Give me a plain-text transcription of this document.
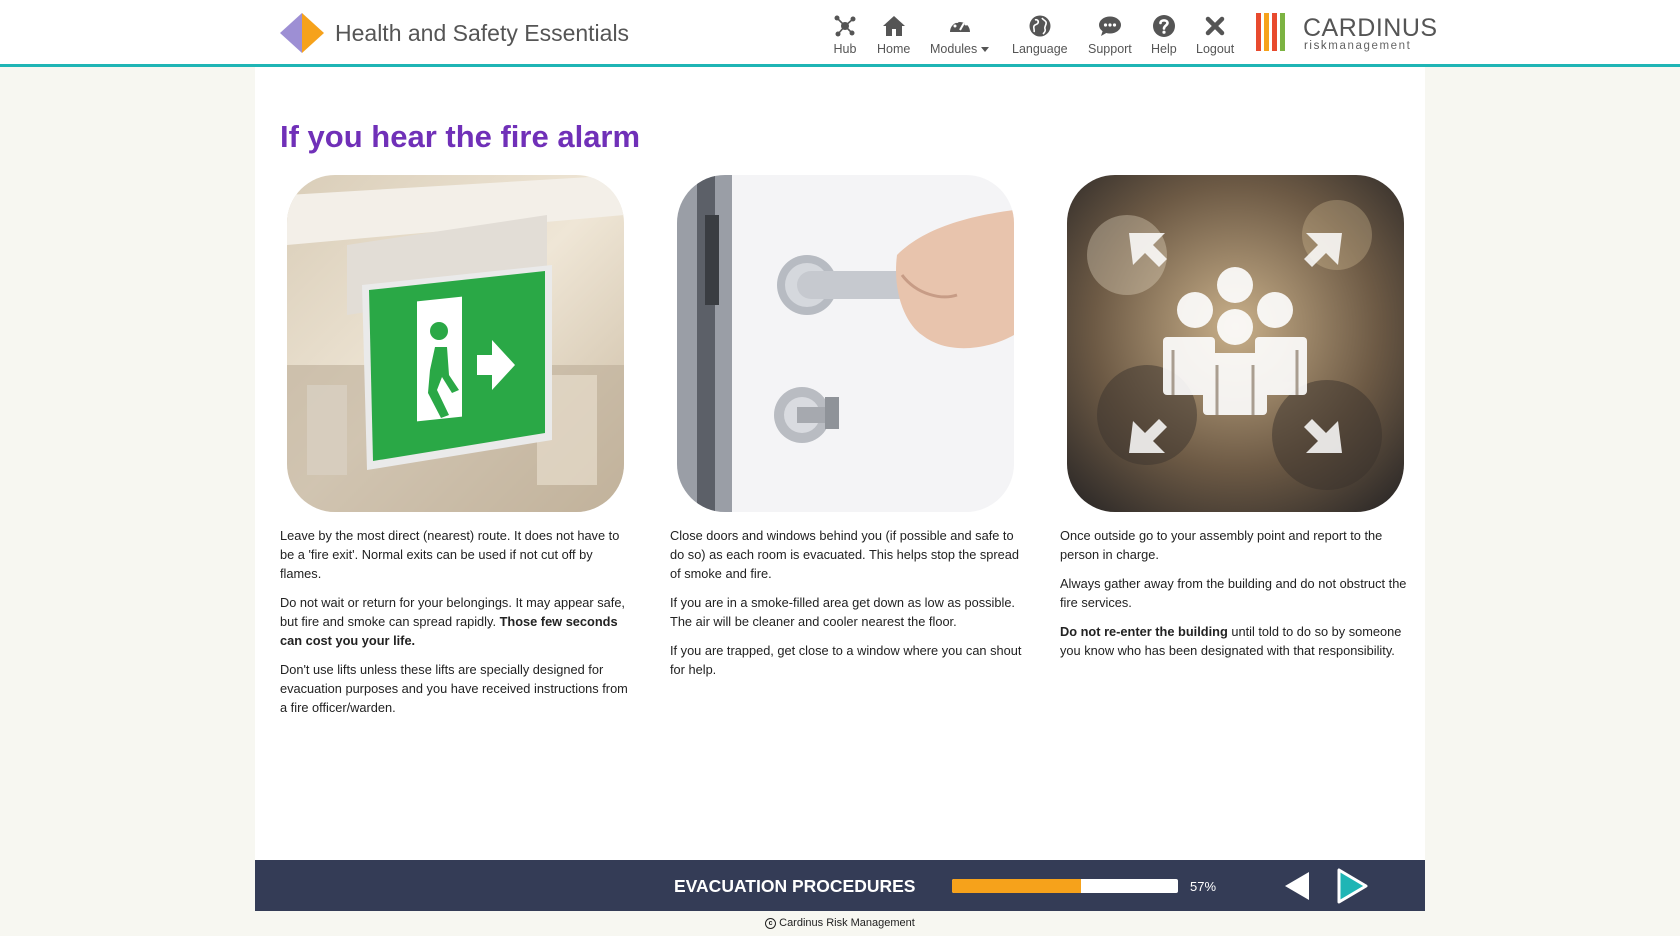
Health and Safety Essentials
Hub Home Modules	Language Support Help Logout
CARDINUS
riskmanagement
If you hear the fire alarm

Leave by the most direct (nearest) route. It does not have to be a 'fire exit'. Normal exits can be used if not cut off by flames.

Do not wait or return for your belongings. It may appear safe, but fire and smoke can spread rapidly. Those few seconds can cost you your life.

Don't use lifts unless these lifts are specially designed for evacuation purposes and you have received instructions from a fire officer/warden.

Close doors and windows behind you (if possible and safe to do so) as each room is evacuated. This helps stop the spread of smoke and fire.

If you are in a smoke-filled area get down as low as possible. The air will be cleaner and cooler nearest the floor.

If you are trapped, get close to a window where you can shout for help.

Once outside go to your assembly point and report to the person in charge.

Always gather away from the building and do not obstruct the fire services.

Do not re-enter the building until told to do so by someone you know who has been designated with that responsibility.

EVACUATION PROCEDURES	57%
c Cardinus Risk Management
